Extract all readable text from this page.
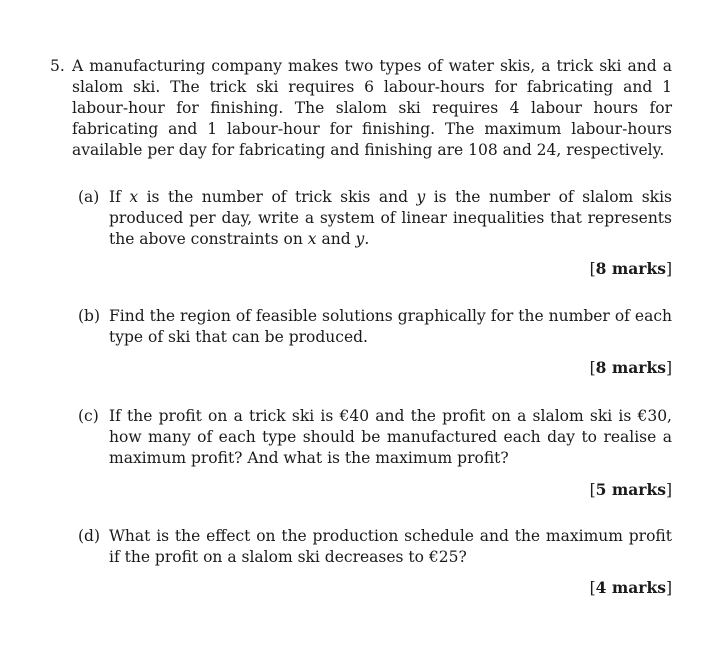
5. A manufacturing company makes two types of water skis, a trick ski and a slalom ski. The trick ski requires 6 labour-hours for fabricating and 1 labour-hour for finishing. The slalom ski requires 4 labour hours for fabricating and 1 labour-hour for finishing. The maximum labour-hours available per day for fabricating and finishing are 108 and 24, respectively.
(a) If x is the number of trick skis and y is the number of slalom skis produced per day, write a system of linear inequalities that represents the above constraints on x and y.
[8 marks]
(b) Find the region of feasible solutions graphically for the number of each type of ski that can be produced.
[8 marks]
(c) If the profit on a trick ski is €40 and the profit on a slalom ski is €30, how many of each type should be manufactured each day to realise a maximum profit? And what is the maximum profit?
[5 marks]
(d) What is the effect on the production schedule and the maximum profit if the profit on a slalom ski decreases to €25?
[4 marks]
